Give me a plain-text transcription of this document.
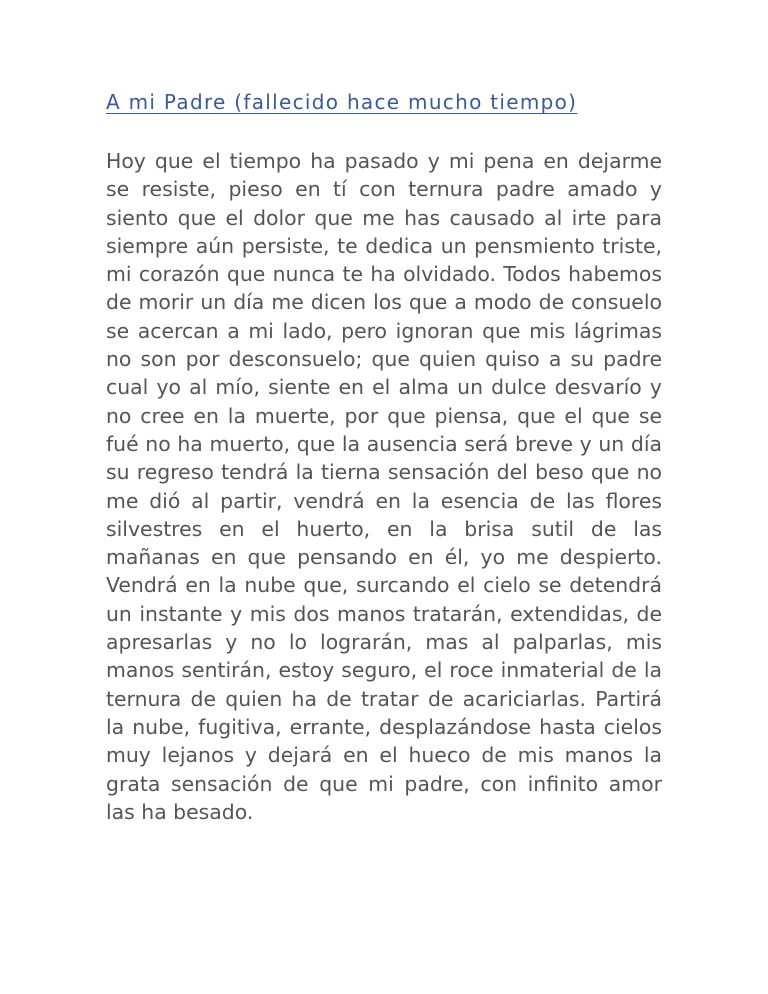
A mi Padre (fallecido hace mucho tiempo)

Hoy que el tiempo ha pasado y mi pena en dejarme se resiste, pieso en tí con ternura padre amado y siento que el dolor que me has causado al irte para siempre aún persiste, te dedica un pensmiento triste, mi corazón que nunca te ha olvidado. Todos habemos de morir un día me dicen los que a modo de consuelo se acercan a mi lado, pero ignoran que mis lágrimas no son por desconsuelo; que quien quiso a su padre cual yo al mío, siente en el alma un dulce desvarío y no cree en la muerte, por que piensa, que el que se fué no ha muerto, que la ausencia será breve y un día su regreso tendrá la tierna sensación del beso que no me dió al partir, vendrá en la esencia de las flores silvestres en el huerto, en la brisa sutil de las mañanas en que pensando en él, yo me despierto. Vendrá en la nube que, surcando el cielo se detendrá un instante y mis dos manos tratarán, extendidas, de apresarlas y no lo lograrán, mas al palparlas, mis manos sentirán, estoy seguro, el roce inmaterial de la ternura de quien ha de tratar de acariciarlas. Partirá la nube, fugitiva, errante, desplazándose hasta cielos muy lejanos y dejará en el hueco de mis manos la grata sensación de que mi padre, con infinito amor las ha besado.
